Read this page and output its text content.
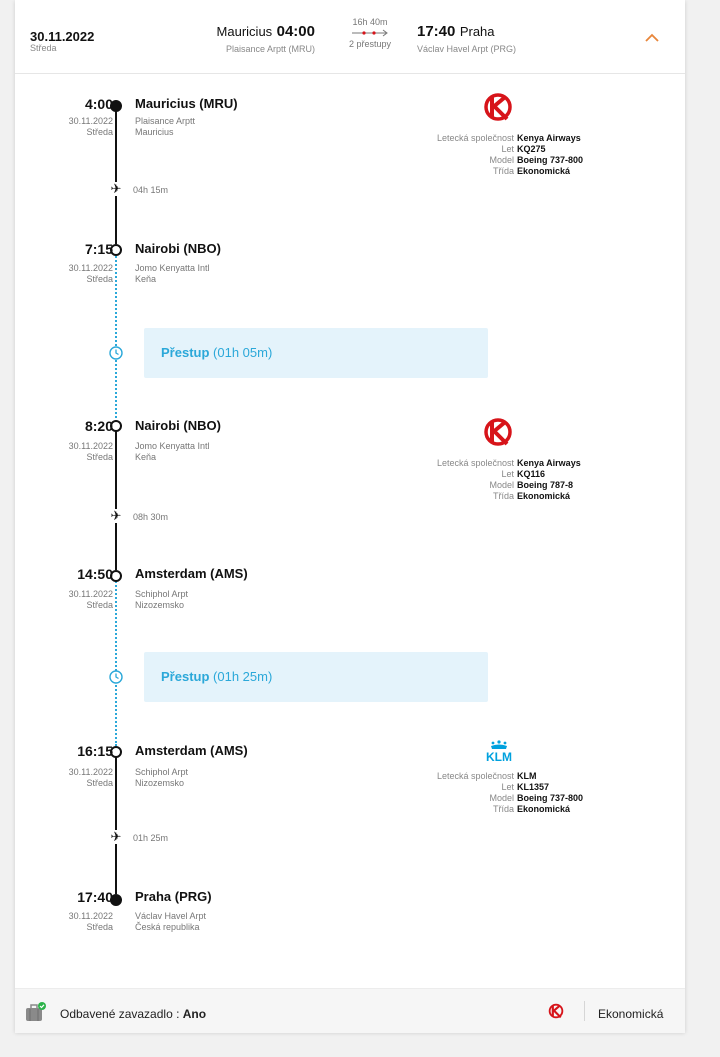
30.11.2022
Středa
Mauricius 04:00
Plaisance Arptt (MRU)
16h 40m
2 přestupy
17:40 Praha
Václav Havel Arpt (PRG)
4:00
30.11.2022
Středa
Mauricius (MRU)
Plaisance Arptt
Mauricius
Letecká společnost Kenya Airways
Let KQ275
Model Boeing 737-800
Třída Ekonomická
✈	04h 15m
7:15
30.11.2022
Středa
Nairobi (NBO)
Jomo Kenyatta Intl
Keňa
Přestup (01h 05m)
8:20
30.11.2022
Středa
Nairobi (NBO)
Jomo Kenyatta Intl
Keňa
Letecká společnost Kenya Airways
Let KQ116
Model Boeing 787-8
Třída Ekonomická
✈	08h 30m
14:50
30.11.2022
Středa
Amsterdam (AMS)
Schiphol Arpt
Nizozemsko
Přestup (01h 25m)
16:15
30.11.2022
Středa
Amsterdam (AMS)
Schiphol Arpt
Nizozemsko
KLM
Letecká společnost KLM
Let KL1357
Model Boeing 737-800
Třída Ekonomická
✈	01h 25m
17:40
30.11.2022
Středa
Praha (PRG)
Václav Havel Arpt
Česká republika
Odbavené zavazadlo : Ano	Ekonomická
